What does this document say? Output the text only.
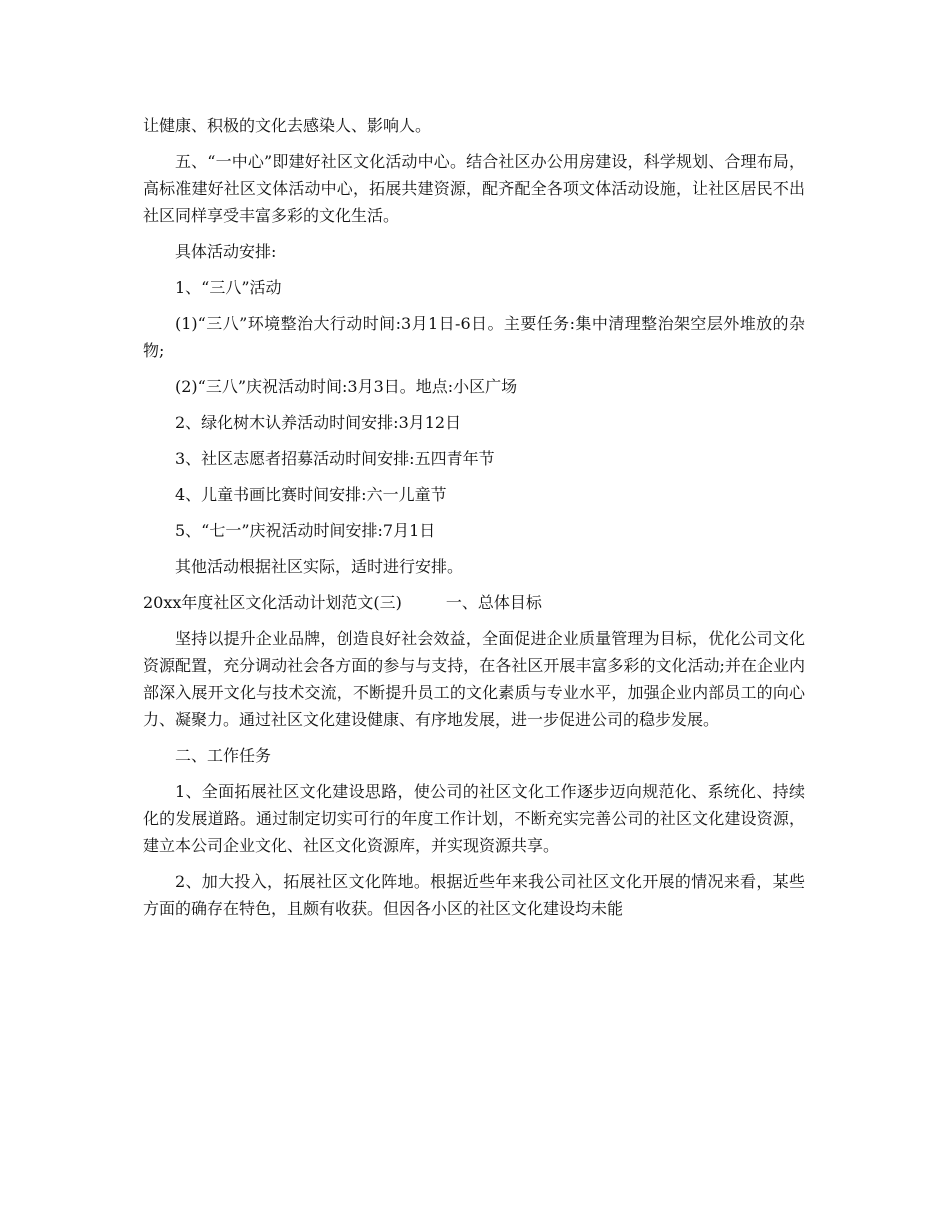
让健康、积极的文化去感染人、影响人。

五、“一中心”即建好社区文化活动中心。结合社区办公用房建设，科学规划、合理布局，高标准建好社区文体活动中心，拓展共建资源，配齐配全各项文体活动设施，让社区居民不出社区同样享受丰富多彩的文化生活。

具体活动安排:

1、“三八”活动

(1)“三八”环境整治大行动时间:3月1日-6日。主要任务:集中清理整治架空层外堆放的杂物;

(2)“三八”庆祝活动时间:3月3日。地点:小区广场

2、绿化树木认养活动时间安排:3月12日

3、社区志愿者招募活动时间安排:五四青年节

4、儿童书画比赛时间安排:六一儿童节

5、“七一”庆祝活动时间安排:7月1日

其他活动根据社区实际，适时进行安排。

20xx年度社区文化活动计划范文(三)	一、总体目标

坚持以提升企业品牌，创造良好社会效益，全面促进企业质量管理为目标，优化公司文化资源配置，充分调动社会各方面的参与与支持，在各社区开展丰富多彩的文化活动;并在企业内部深入展开文化与技术交流，不断提升员工的文化素质与专业水平，加强企业内部员工的向心力、凝聚力。通过社区文化建设健康、有序地发展，进一步促进公司的稳步发展。

二、工作任务

1、全面拓展社区文化建设思路，使公司的社区文化工作逐步迈向规范化、系统化、持续化的发展道路。通过制定切实可行的年度工作计划，不断充实完善公司的社区文化建设资源，建立本公司企业文化、社区文化资源库，并实现资源共享。

2、加大投入，拓展社区文化阵地。根据近些年来我公司社区文化开展的情况来看，某些方面的确存在特色，且颇有收获。但因各小区的社区文化建设均未能
